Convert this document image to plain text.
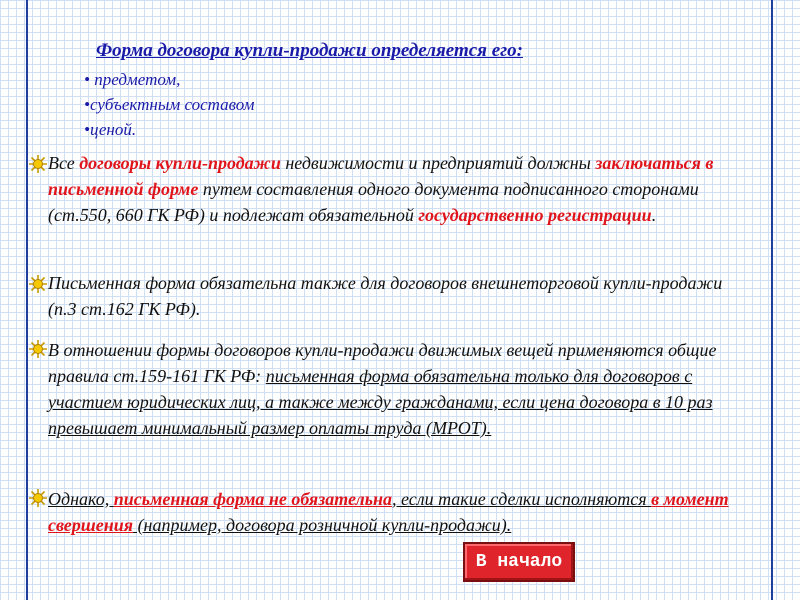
Форма договора купли-продажи определяется его:
• предметом,
•субъектным составом
•ценой.
Все договоры купли-продажи недвижимости и предприятий должны заключаться в письменной форме путем составления одного документа подписанного сторонами (ст.550, 660 ГК РФ) и подлежат обязательной государственно регистрации.
Письменная форма обязательна также для договоров внешнеторговой купли-продажи (п.3 ст.162 ГК РФ).
В отношении формы договоров купли-продажи движимых вещей применяются общие правила ст.159-161 ГК РФ: письменная форма обязательна только для договоров с участием юридических лиц, а также между гражданами, если цена договора в 10 раз превышает минимальный размер оплаты труда (МРОТ).
Однако, письменная форма не обязательна, если такие сделки исполняются в момент свершения (например, договора розничной купли-продажи).
В начало
